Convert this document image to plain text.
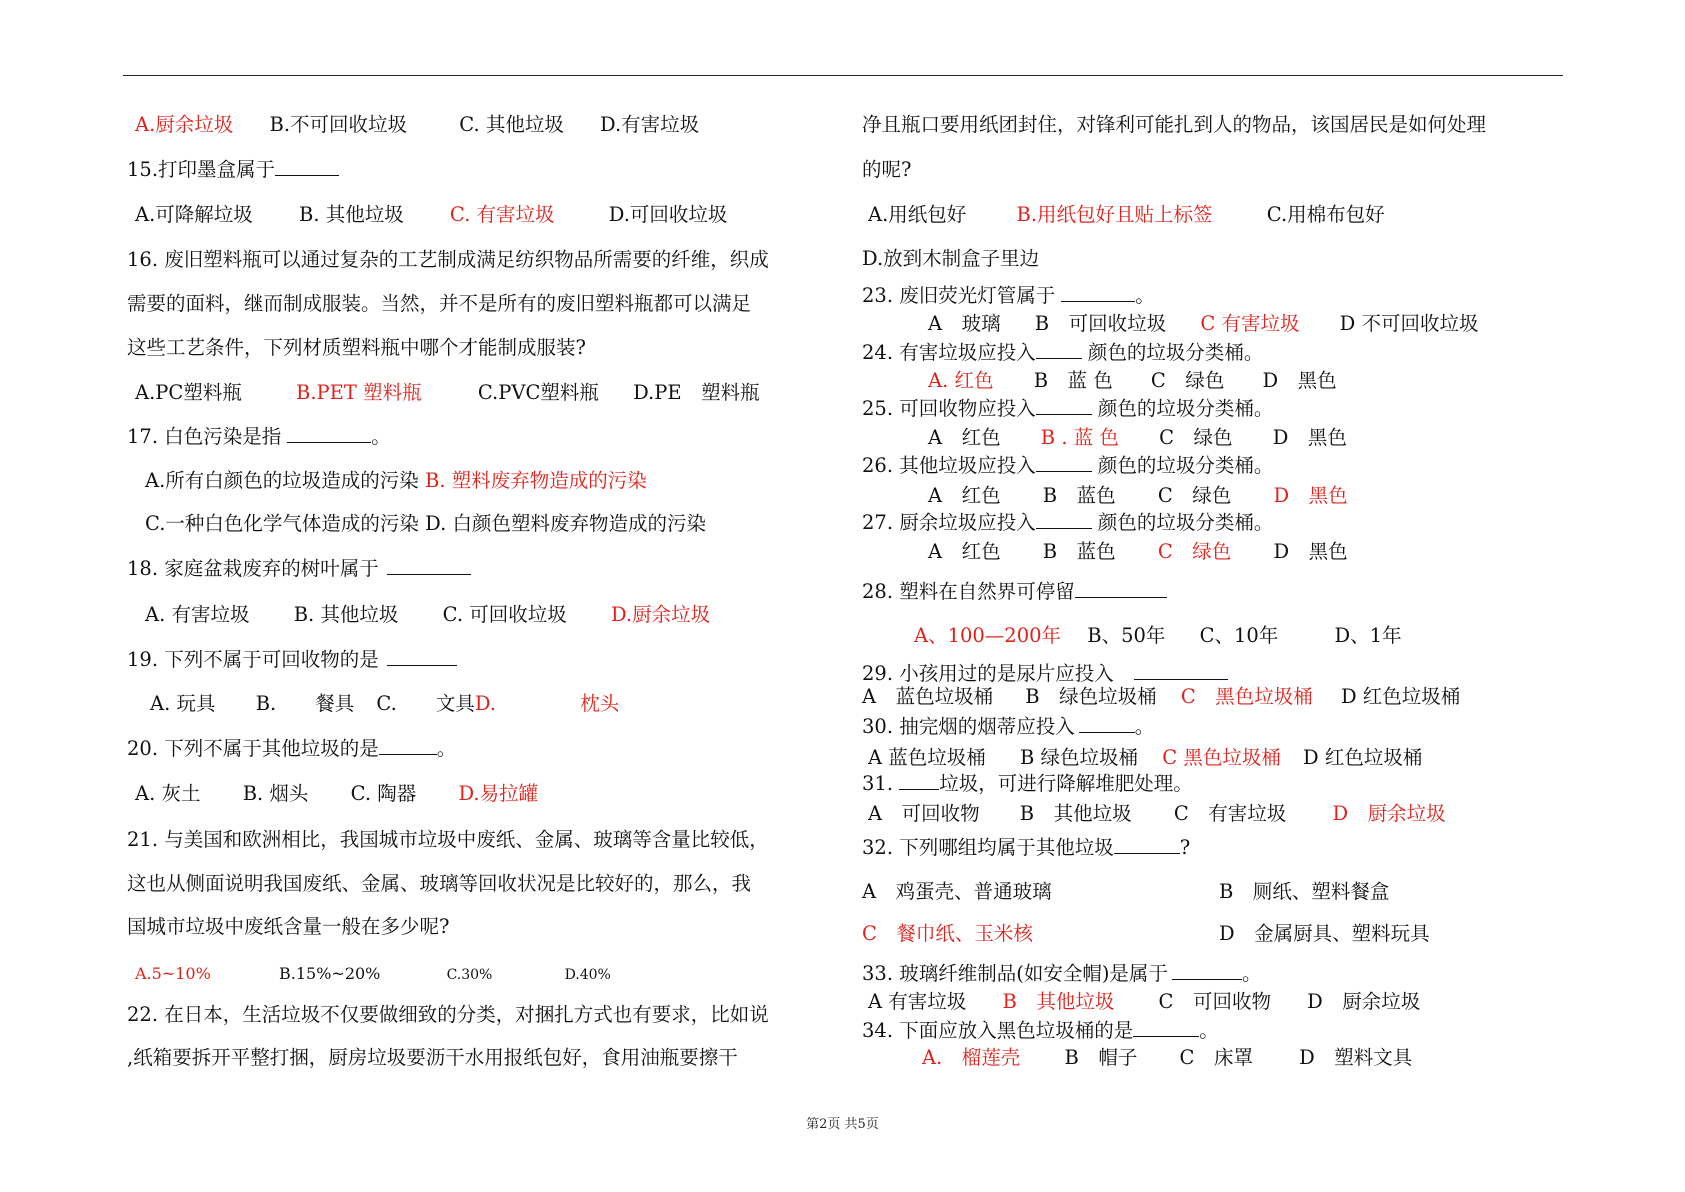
A.厨余垃圾 B.不可回收垃圾	C. 其他垃圾 D.有害垃圾
15.打印墨盒属于
A.可降解垃圾 B. 其他垃圾 C. 有害垃圾	D.可回收垃圾
16. 废旧塑料瓶可以通过复杂的工艺制成满足纺织物品所需要的纤维，织成
需要的面料，继而制成服装。当然，并不是所有的废旧塑料瓶都可以满足
这些工艺条件，下列材质塑料瓶中哪个才能制成服装?
A.PC塑料瓶	B.PET 塑料瓶	C.PVC塑料瓶 D.PE　塑料瓶
17. 白色污染是指	。
A.所有白颜色的垃圾造成的污染 B. 塑料废弃物造成的污染
C.一种白色化学气体造成的污染 D. 白颜色塑料废弃物造成的污染
18. 家庭盆栽废弃的树叶属于
A. 有害垃圾 B. 其他垃圾 C. 可回收垃圾 D.厨余垃圾
19. 下列不属于可回收物的是
A. 玩具 B.　　餐具 C.　　文具D.	枕头
20. 下列不属于其他垃圾的是	。
A. 灰土 B. 烟头 C. 陶器 D.易拉罐
21. 与美国和欧洲相比，我国城市垃圾中废纸、金属、玻璃等含量比较低，
这也从侧面说明我国废纸、金属、玻璃等回收状况是比较好的，那么，我
国城市垃圾中废纸含量一般在多少呢?
A.5~10%	B.15%~20%	C.30%	D.40%
22. 在日本，生活垃圾不仅要做细致的分类，对捆扎方式也有要求，比如说
,纸箱要拆开平整打捆，厨房垃圾要沥干水用报纸包好，食用油瓶要擦干
净且瓶口要用纸团封住，对锋利可能扎到人的物品，该国居民是如何处理
的呢?
A.用纸包好	B.用纸包好且贴上标签	C.用棉布包好
D.放到木制盒子里边
23. 废旧荧光灯管属于	。
A　玻璃 B　可回收垃圾 C 有害垃圾 D 不可回收垃圾
24. 有害垃圾应投入 颜色的垃圾分类桶。
A. 红色 B　蓝 色 C　绿色 D　黑色
25. 可回收物应投入	颜色的垃圾分类桶。
A　红色 B . 蓝 色 C　绿色 D　黑色
26. 其他垃圾应投入	颜色的垃圾分类桶。
A　红色 B　蓝色 C　绿色 D　黑色
27. 厨余垃圾应投入	颜色的垃圾分类桶。
A　红色 B　蓝色 C　绿色 D　黑色
28. 塑料在自然界可停留
A、100—200年 B、50年 C、10年	D、1年
29. 小孩用过的是尿片应投入
A　蓝色垃圾桶 B　绿色垃圾桶 C　黑色垃圾桶 D 红色垃圾桶
30. 抽完烟的烟蒂应投入	。
A 蓝色垃圾桶 B 绿色垃圾桶 C 黑色垃圾桶 D 红色垃圾桶
31. 垃圾，可进行降解堆肥处理。
A　可回收物 B　其他垃圾 C　有害垃圾 D　厨余垃圾
32. 下列哪组均属于其他垃圾	?
A　鸡蛋壳、普通玻璃	B　厕纸、塑料餐盒
C　餐巾纸、玉米核	D　金属厨具、塑料玩具
33. 玻璃纤维制品(如安全帽)是属于	。
A 有害垃圾 B　其他垃圾 C　可回收物 D　厨余垃圾
34. 下面应放入黑色垃圾桶的是	。
A.　榴莲壳 B　帽子 C　床罩 D　塑料文具
第2页 共5页
